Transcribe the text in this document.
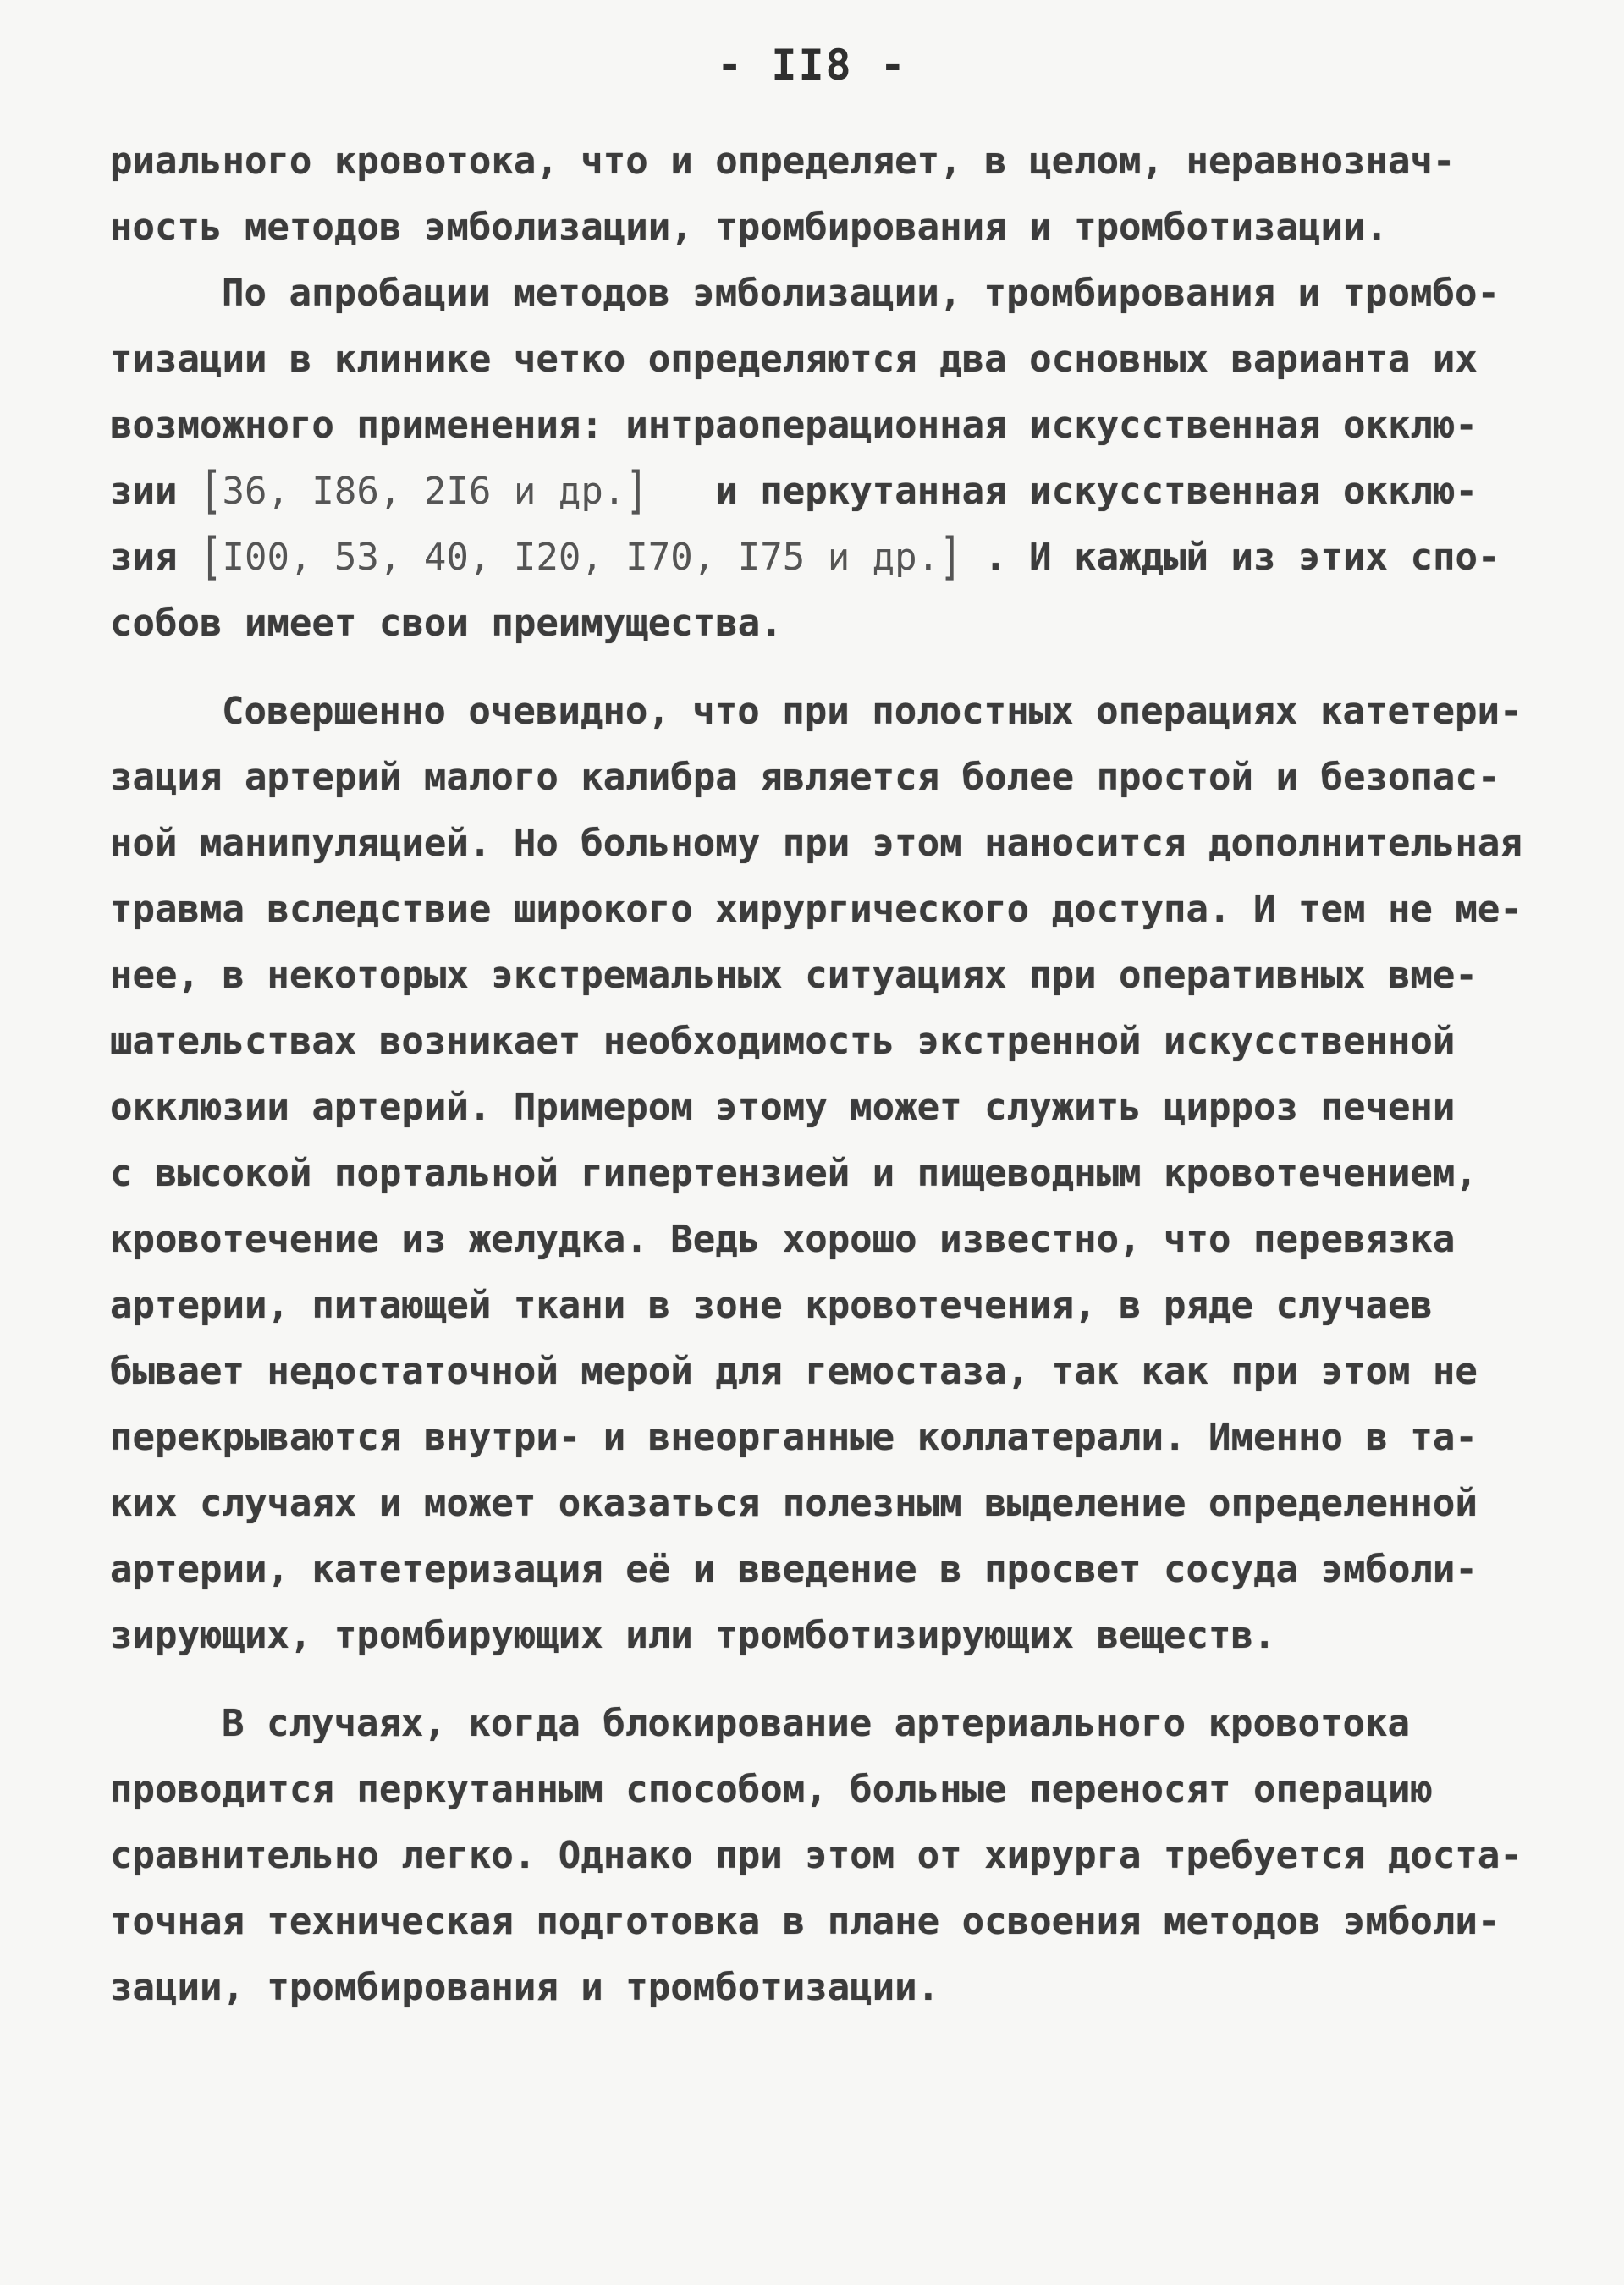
- II8 -
риального кровотока, что и определяет, в целом, неравнознач-
ность методов эмболизации, тромбирования и тромботизации.
По апробации методов эмболизации, тромбирования и тромбо-
тизации в клинике четко определяются два основных варианта их
возможного применения: интраоперационная искусственная окклю-
зии [36, I86, 2I6 и др.]   и перкутанная искусственная окклю-
зия [I00, 53, 40, I20, I70, I75 и др.] . И каждый из этих спо-
собов имеет свои преимущества.
Совершенно очевидно, что при полостных операциях катетери-
зация артерий малого калибра является более простой и безопас-
ной манипуляцией. Но больному при этом наносится дополнительная
травма вследствие широкого хирургического доступа. И тем не ме-
нее, в некоторых экстремальных ситуациях при оперативных вме-
шательствах возникает необходимость экстренной искусственной
окклюзии артерий. Примером этому может служить цирроз печени
с высокой портальной гипертензией и пищеводным кровотечением,
кровотечение из желудка. Ведь хорошо известно, что перевязка
артерии, питающей ткани в зоне кровотечения, в ряде случаев
бывает недостаточной мерой для гемостаза, так как при этом не
перекрываются внутри- и внеорганные коллатерали. Именно в та-
ких случаях и может оказаться полезным выделение определенной
артерии, катетеризация её и введение в просвет сосуда эмболи-
зирующих, тромбирующих или тромботизирующих веществ.
В случаях, когда блокирование артериального кровотока
проводится перкутанным способом, больные переносят операцию
сравнительно легко. Однако при этом от хирурга требуется доста-
точная техническая подготовка в плане освоения методов эмболи-
зации, тромбирования и тромботизации.
